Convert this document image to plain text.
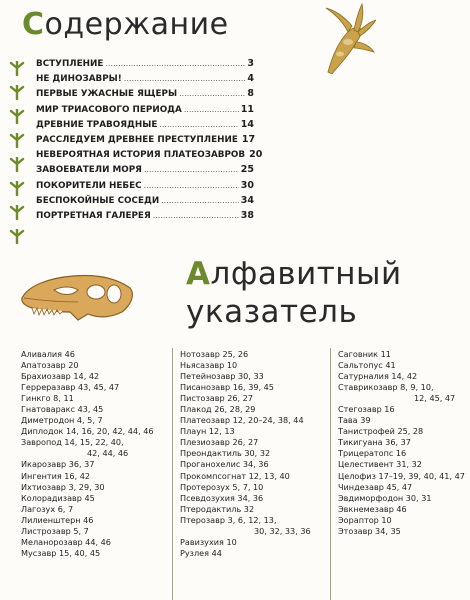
Содержание
ВСТУПЛЕНИЕ .....	3
НЕ ДИНОЗАВРЫ! .....	4
ПЕРВЫЕ УЖАСНЫЕ ЯЩЕРЫ .....	8
МИР ТРИАСОВОГО ПЕРИОДА .....	11
ДРЕВНИЕ ТРАВОЯДНЫЕ .....	14
РАССЛЕДУЕМ ДРЕВНЕЕ ПРЕСТУПЛЕНИЕ 17
НЕВЕРОЯТНАЯ ИСТОРИЯ ПЛАТЕОЗАВРОВ 20
ЗАВОЕВАТЕЛИ МОРЯ .....	25
ПОКОРИТЕЛИ НЕБЕС .....	30
БЕСПОКОЙНЫЕ СОСЕДИ .....	34
ПОРТРЕТНАЯ ГАЛЕРЕЯ .....	38
Алфавитный
указатель
Аливалия 46
Апатозавр 20
Брахиозавр 14, 42
Герреразавр 43, 45, 47
Гинкго 8, 11
Гнатоваракс 43, 45
Диметродон 4, 5, 7
Диплодок 14, 16, 20, 42, 44, 46
Завропод 14, 15, 22, 40,
42, 44, 46
Икарозавр 36, 37
Ингентия 16, 42
Ихтиозавр 3, 29, 30
Колорадизавр 45
Лагозух 6, 7
Лилиенштерн 46
Листрозавр 5, 7
Меланорозавр 44, 46
Мусзавр 15, 40, 45
Нотозавр 25, 26
Ньясазавр 10
Петейнозавр 30, 33
Писанозавр 16, 39, 45
Пистозавр 26, 27
Плакод 26, 28, 29
Платеозавр 12, 20–24, 38, 44
Плаун 12, 13
Плезиозавр 26, 27
Преондактиль 30, 32
Проганохелис 34, 36
Прокомпсогнат 12, 13, 40
Протерозух 5, 7, 10
Псевдозухия 34, 36
Птеродактиль 32
Птерозавр 3, 6, 12, 13,
30, 32, 33, 36
Равизухия 10
Рузлея 44
Саговник 11
Сальтопус 41
Сатурналия 14, 42
Ставрикозавр 8, 9, 10,
12, 45, 47
Стегозавр 16
Тава 39
Танистрофей 25, 28
Тикигуана 36, 37
Трицератопс 16
Целестивент 31, 32
Целофиз 17–19, 39, 40, 41, 47
Чиндезавр 45, 47
Эвдиморфодон 30, 31
Эвкнемезавр 46
Эораптор 10
Этозавр 34, 35
